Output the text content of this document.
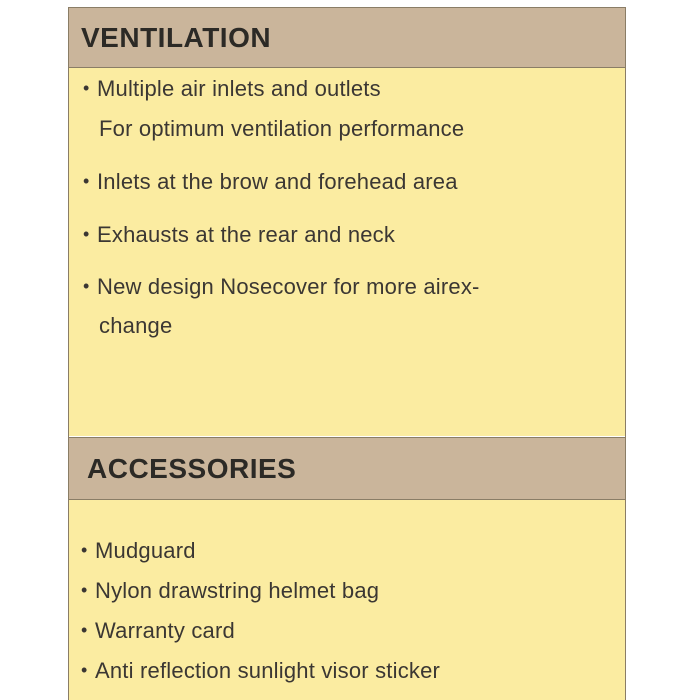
VENTILATION
• Multiple air inlets and outlets
For optimum ventilation performance
• Inlets at the brow and forehead area
• Exhausts at the rear and neck
• New design Nosecover for more airex-
change
ACCESSORIES
• Mudguard
• Nylon drawstring helmet bag
• Warranty card
• Anti reflection sunlight visor sticker
